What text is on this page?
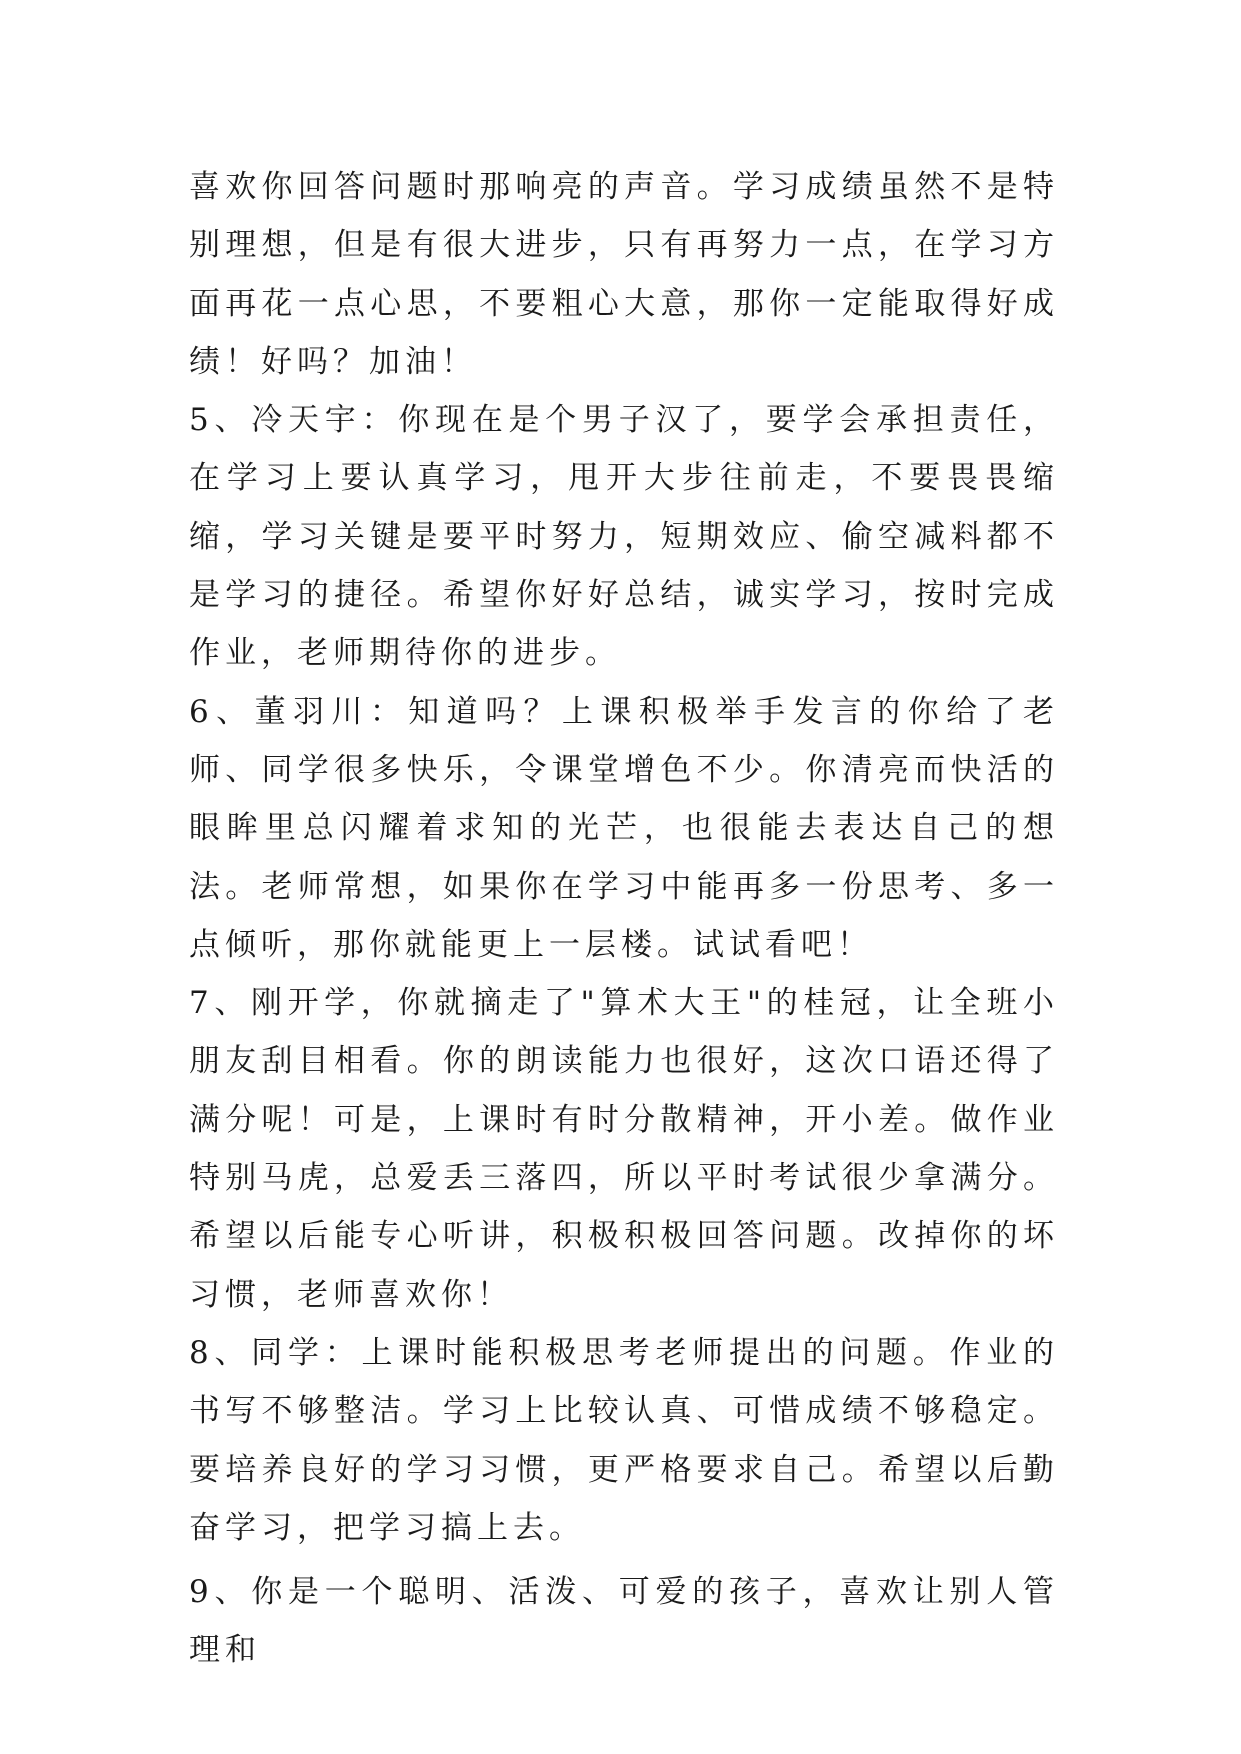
喜欢你回答问题时那响亮的声音。学习成绩虽然不是特别理想，但是有很大进步，只有再努力一点，在学习方面再花一点心思，不要粗心大意，那你一定能取得好成绩！好吗？加油！

5、冷天宇：你现在是个男子汉了，要学会承担责任，在学习上要认真学习，甩开大步往前走，不要畏畏缩缩，学习关键是要平时努力，短期效应、偷空减料都不是学习的捷径。希望你好好总结，诚实学习，按时完成作业，老师期待你的进步。

6、董羽川：知道吗？上课积极举手发言的你给了老师、同学很多快乐，令课堂增色不少。你清亮而快活的眼眸里总闪耀着求知的光芒，也很能去表达自己的想法。老师常想，如果你在学习中能再多一份思考、多一点倾听，那你就能更上一层楼。试试看吧！

7、刚开学，你就摘走了"算术大王"的桂冠，让全班小朋友刮目相看。你的朗读能力也很好，这次口语还得了满分呢！可是，上课时有时分散精神，开小差。做作业特别马虎，总爱丢三落四，所以平时考试很少拿满分。希望以后能专心听讲，积极积极回答问题。改掉你的坏习惯，老师喜欢你！

8、同学：上课时能积极思考老师提出的问题。作业的书写不够整洁。学习上比较认真、可惜成绩不够稳定。要培养良好的学习习惯，更严格要求自己。希望以后勤奋学习，把学习搞上去。

9、你是一个聪明、活泼、可爱的孩子，喜欢让别人管理和
